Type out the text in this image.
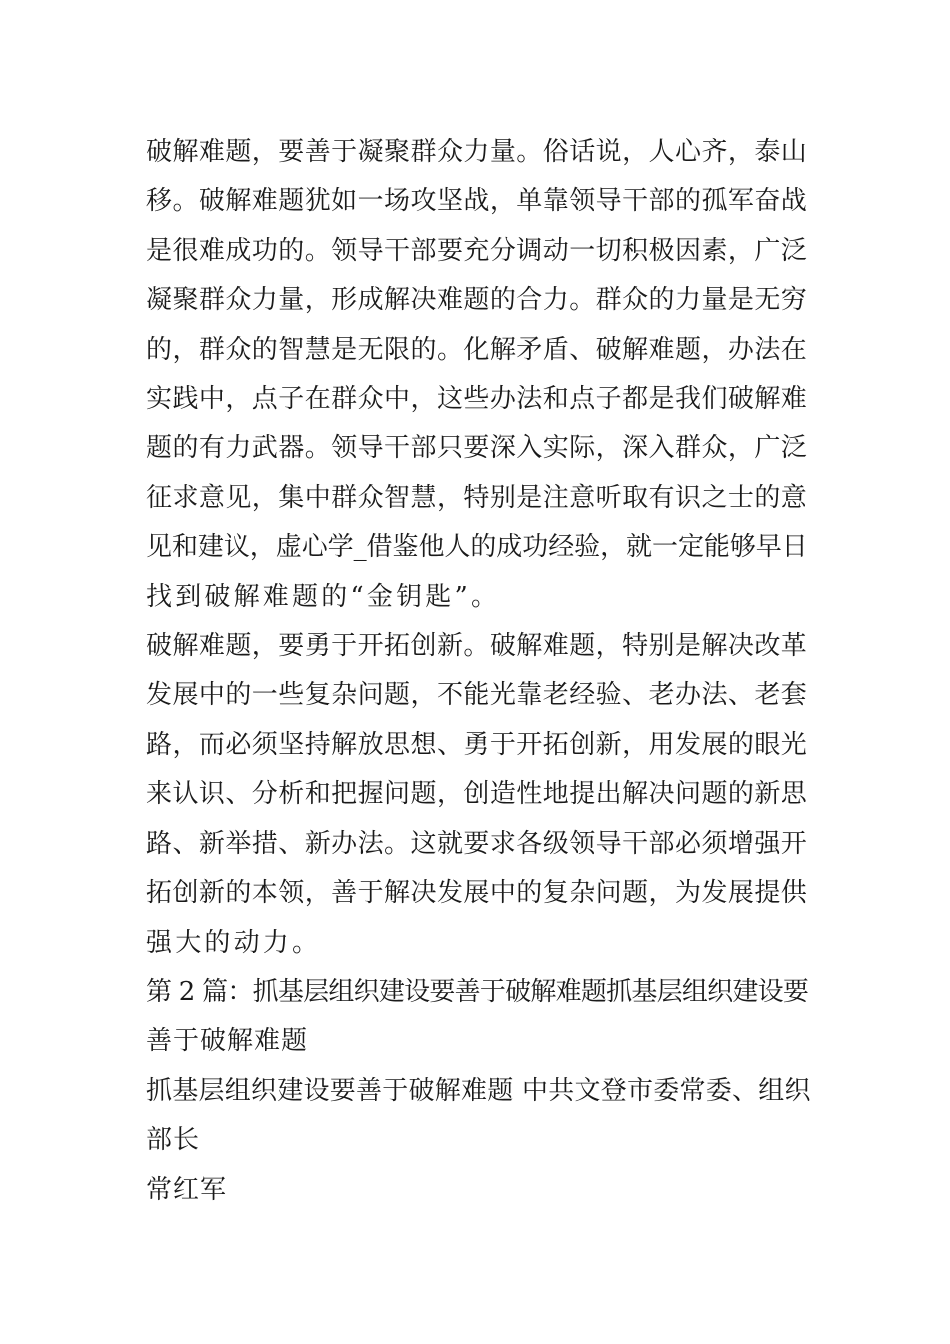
破解难题，要善于凝聚群众力量。俗话说，人心齐，泰山
移。破解难题犹如一场攻坚战，单靠领导干部的孤军奋战
是很难成功的。领导干部要充分调动一切积极因素，广泛
凝聚群众力量，形成解决难题的合力。群众的力量是无穷
的，群众的智慧是无限的。化解矛盾、破解难题，办法在
实践中，点子在群众中，这些办法和点子都是我们破解难
题的有力武器。领导干部只要深入实际，深入群众，广泛
征求意见，集中群众智慧，特别是注意听取有识之士的意
见和建议，虚心学_借鉴他人的成功经验，就一定能够早日
找到破解难题的“金钥匙”。

破解难题，要勇于开拓创新。破解难题，特别是解决改革
发展中的一些复杂问题，不能光靠老经验、老办法、老套
路，而必须坚持解放思想、勇于开拓创新，用发展的眼光
来认识、分析和把握问题，创造性地提出解决问题的新思
路、新举措、新办法。这就要求各级领导干部必须增强开
拓创新的本领，善于解决发展中的复杂问题，为发展提供
强大的动力。

第 2 篇：抓基层组织建设要善于破解难题抓基层组织建设要
善于破解难题

抓基层组织建设要善于破解难题 中共文登市委常委、组织
部长

常红军
